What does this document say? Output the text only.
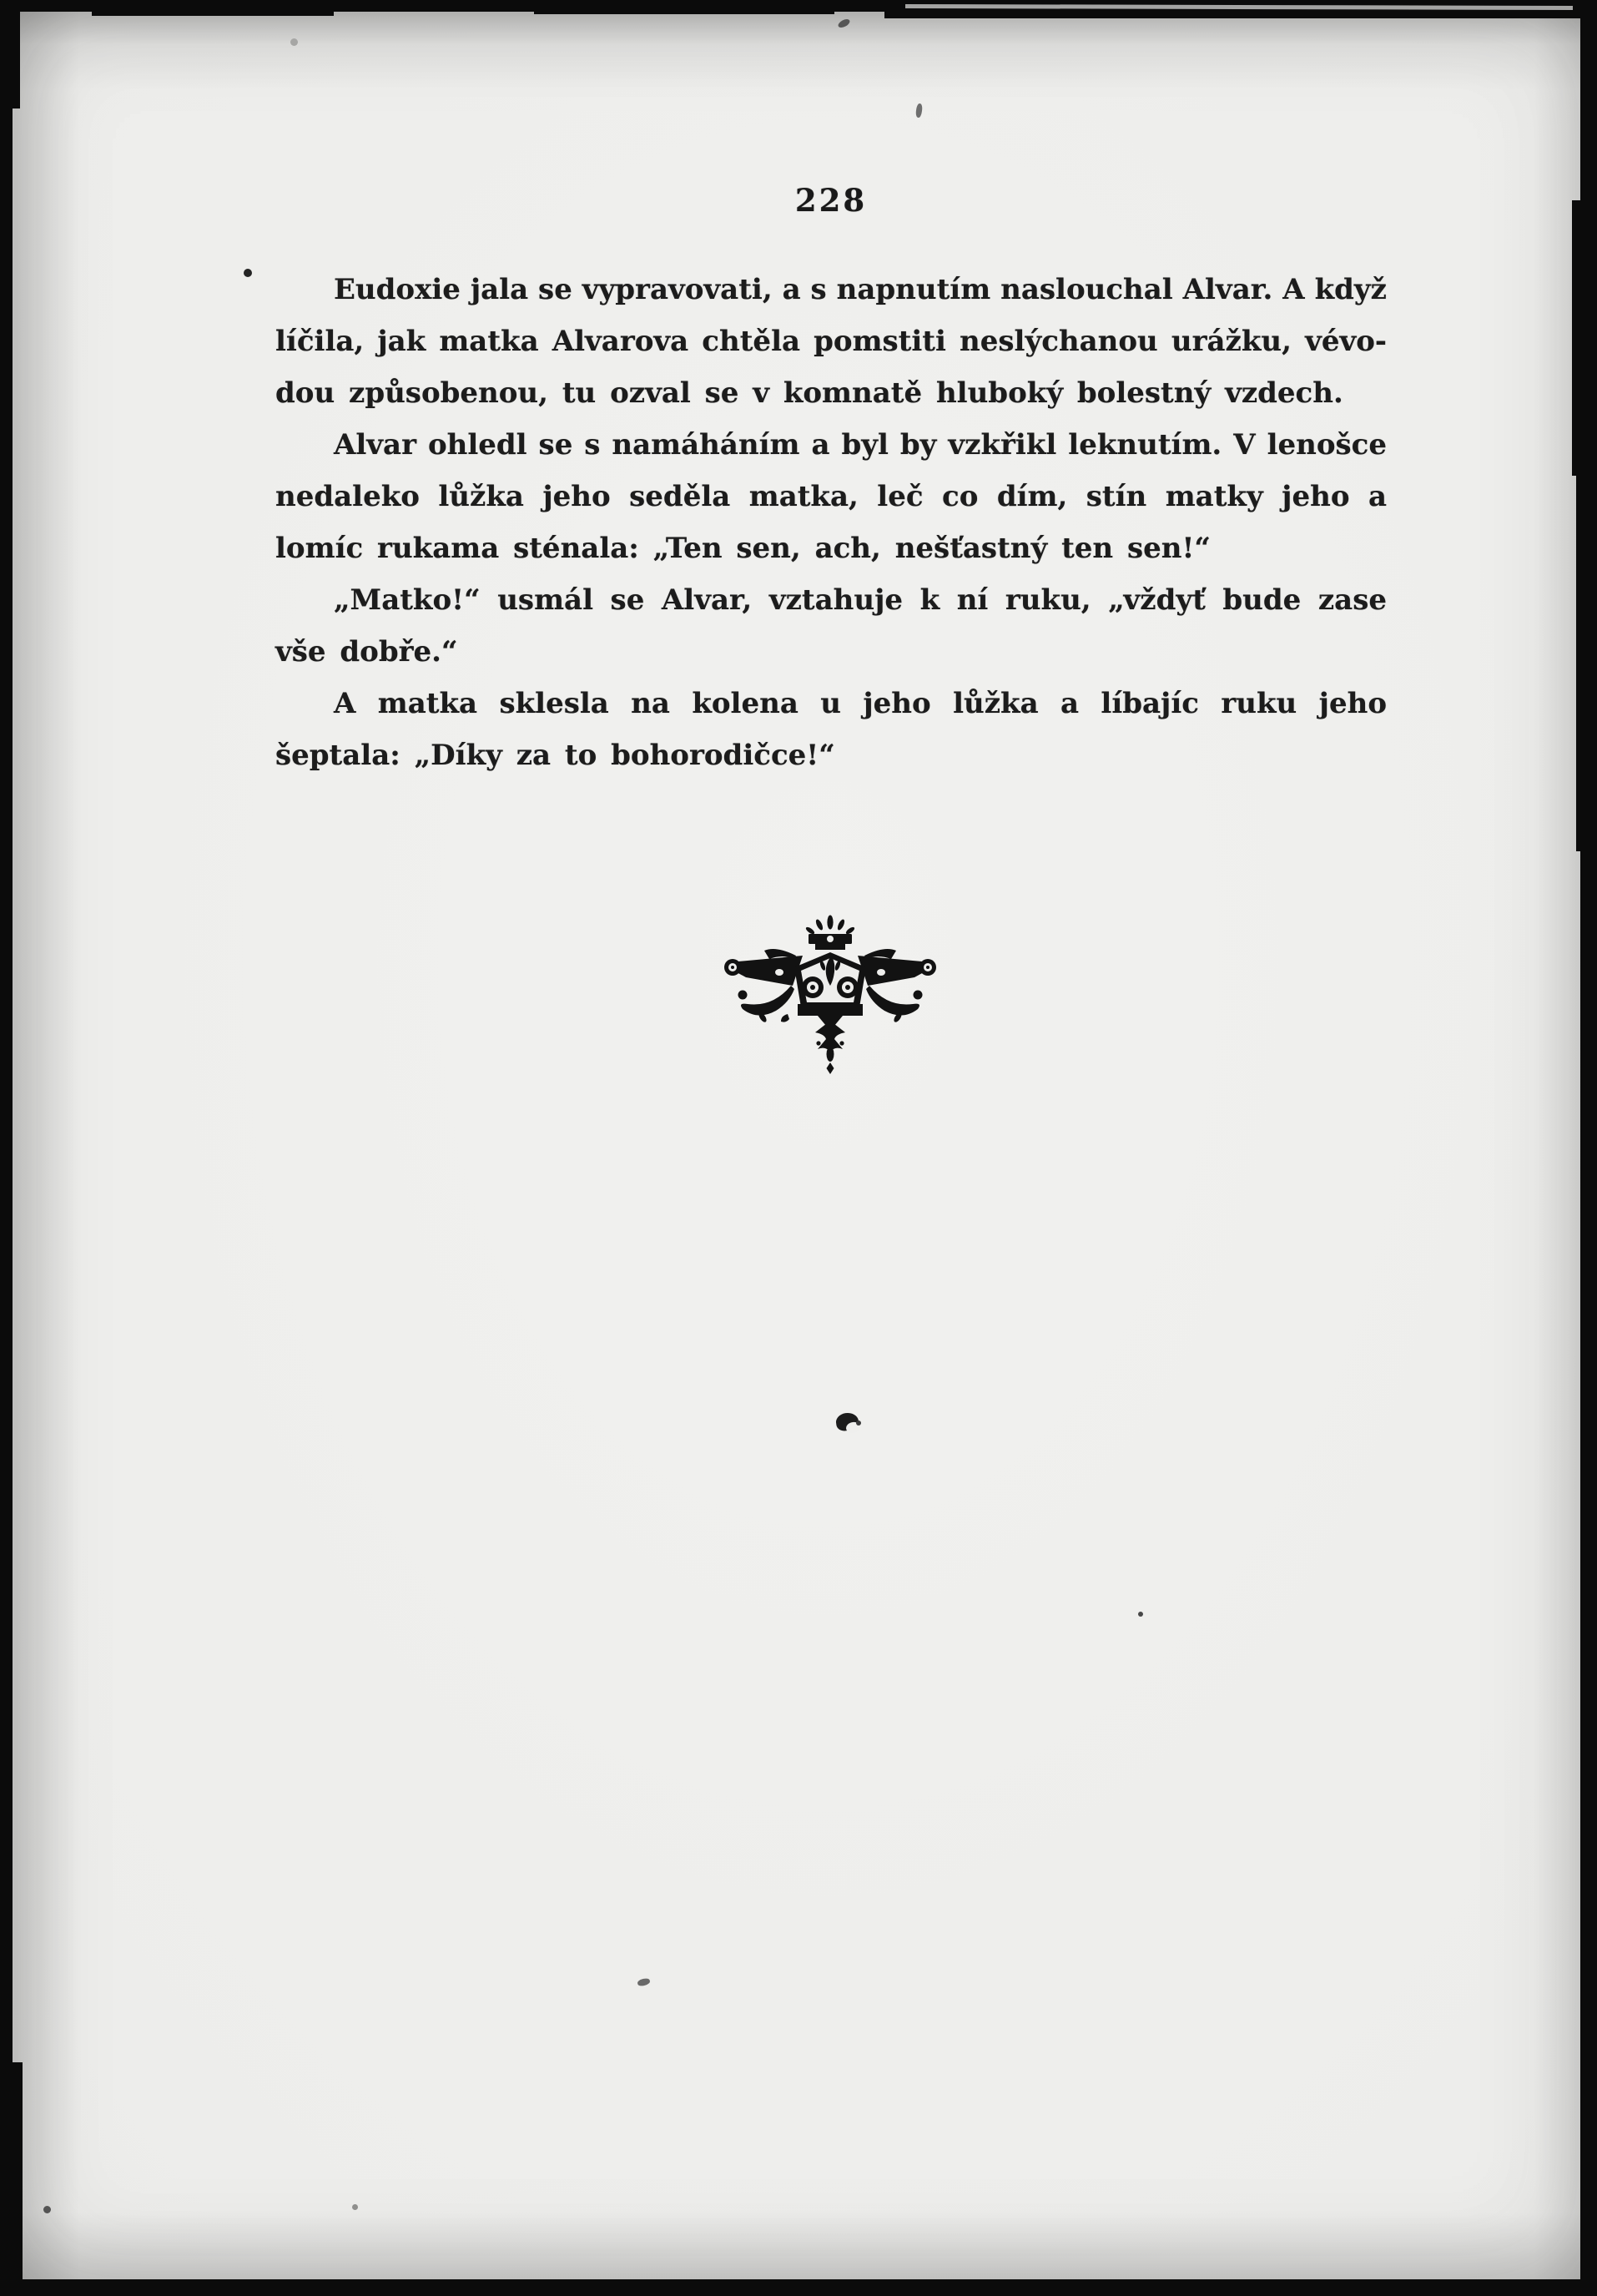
228
Eudoxie jala se vypravovati, a s napnutím naslouchal Alvar. A když
líčila, jak matka Alvarova chtěla pomstiti neslýchanou urážku, vévo-
dou způsobenou, tu ozval se v komnatě hluboký bolestný vzdech.
Alvar ohledl se s namáháním a byl by vzkřikl leknutím. V lenošce
nedaleko lůžka jeho seděla matka, leč co dím, stín matky jeho a
lomíc rukama sténala: „Ten sen, ach, nešťastný ten sen!“
„Matko!“ usmál se Alvar, vztahuje k ní ruku, „vždyť bude zase
vše dobře.“
A matka sklesla na kolena u jeho lůžka a líbajíc ruku jeho
šeptala: „Díky za to bohorodičce!“
